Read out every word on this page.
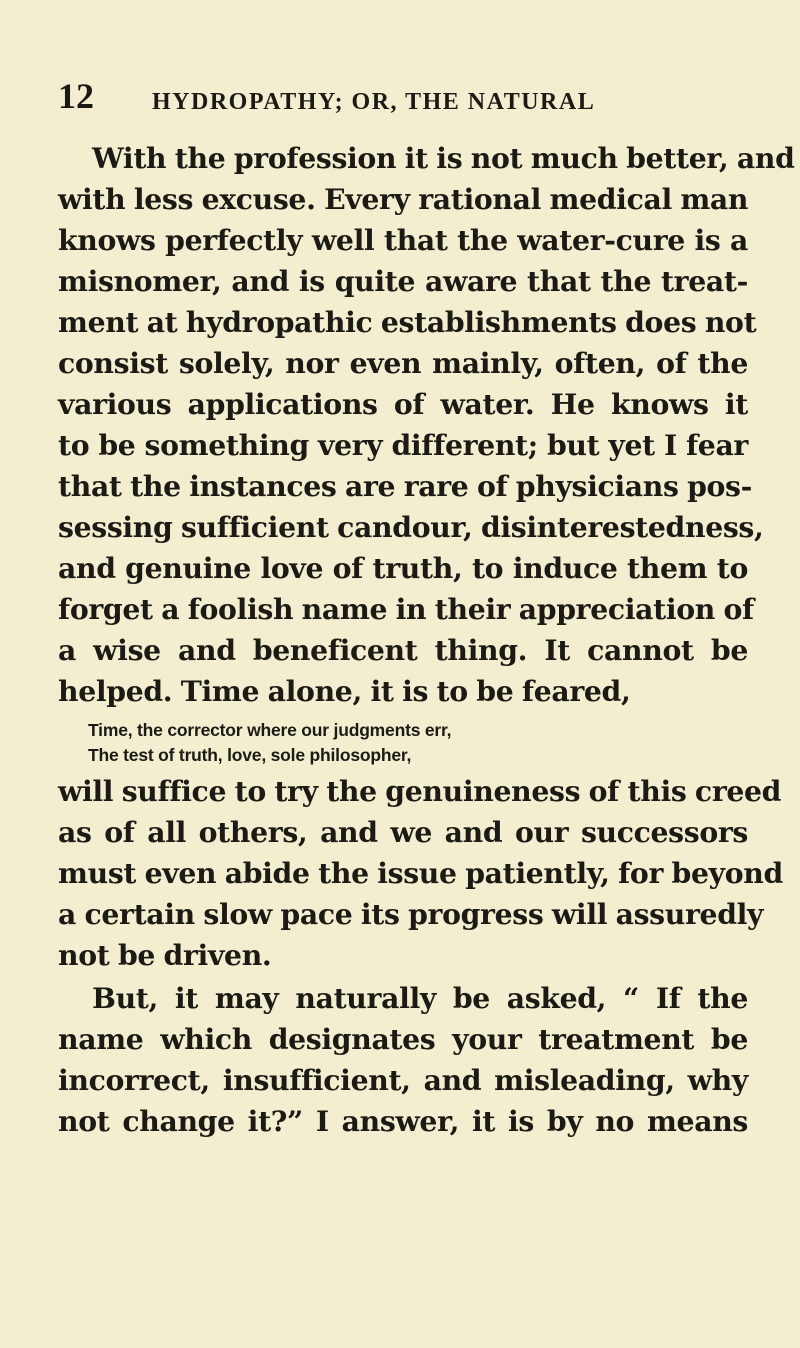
12 HYDROPATHY; OR, THE NATURAL
With the profession it is not much better, and
with less excuse. Every rational medical man
knows perfectly well that the water-cure is a
misnomer, and is quite aware that the treat-
ment at hydropathic establishments does not
consist solely, nor even mainly, often, of the
various applications of water. He knows it
to be something very different; but yet I fear
that the instances are rare of physicians pos-
sessing sufficient candour, disinterestedness,
and genuine love of truth, to induce them to
forget a foolish name in their appreciation of
a wise and beneficent thing. It cannot be
helped. Time alone, it is to be feared,
Time, the corrector where our judgments err,
The test of truth, love, sole philosopher,
will suffice to try the genuineness of this creed
as of all others, and we and our successors
must even abide the issue patiently, for beyond
a certain slow pace its progress will assuredly
not be driven.
But, it may naturally be asked, “ If the
name which designates your treatment be
incorrect, insufficient, and misleading, why
not change it?” I answer, it is by no means
